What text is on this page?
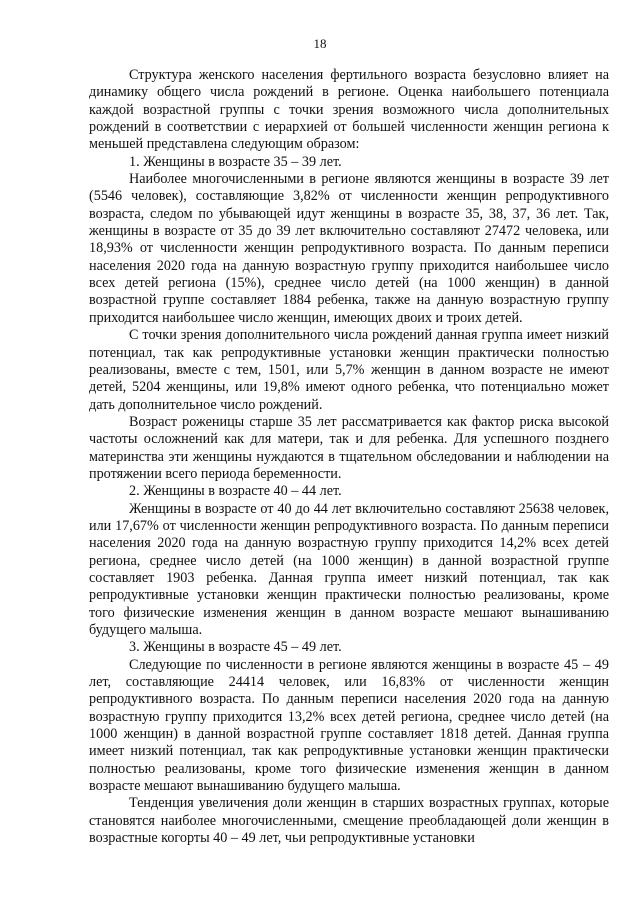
18

Структура женского населения фертильного возраста безусловно влияет на динамику общего числа рождений в регионе. Оценка наибольшего потенциала каждой возрастной группы с точки зрения возможного числа дополнительных рождений в соответствии с иерархией от большей численности женщин региона к меньшей представлена следующим образом:

1. Женщины в возрасте 35 – 39 лет.

Наиболее многочисленными в регионе являются женщины в возрасте 39 лет (5546 человек), составляющие 3,82% от численности женщин репродуктивного возраста, следом по убывающей идут женщины в возрасте 35, 38, 37, 36 лет. Так, женщины в возрасте от 35 до 39 лет включительно составляют 27472 человека, или 18,93% от численности женщин репродуктивного возраста. По данным переписи населения 2020 года на данную возрастную группу приходится наибольшее число всех детей региона (15%), среднее число детей (на 1000 женщин) в данной возрастной группе составляет 1884 ребенка, также на данную возрастную группу приходится наибольшее число женщин, имеющих двоих и троих детей.

С точки зрения дополнительного числа рождений данная группа имеет низкий потенциал, так как репродуктивные установки женщин практически полностью реализованы, вместе с тем, 1501, или 5,7% женщин в данном возрасте не имеют детей, 5204 женщины, или 19,8% имеют одного ребенка, что потенциально может дать дополнительное число рождений.

Возраст роженицы старше 35 лет рассматривается как фактор риска высокой частоты осложнений как для матери, так и для ребенка. Для успешного позднего материнства эти женщины нуждаются в тщательном обследовании и наблюдении на протяжении всего периода беременности.

2. Женщины в возрасте 40 – 44 лет.

Женщины в возрасте от 40 до 44 лет включительно составляют 25638 человек, или 17,67% от численности женщин репродуктивного возраста. По данным переписи населения 2020 года на данную возрастную группу приходится 14,2% всех детей региона, среднее число детей (на 1000 женщин) в данной возрастной группе составляет 1903 ребенка. Данная группа имеет низкий потенциал, так как репродуктивные установки женщин практически полностью реализованы, кроме того физические изменения женщин в данном возрасте мешают вынашиванию будущего малыша.

3. Женщины в возрасте 45 – 49 лет.

Следующие по численности в регионе являются женщины в возрасте 45 – 49 лет, составляющие 24414 человек, или 16,83% от численности женщин репродуктивного возраста. По данным переписи населения 2020 года на данную возрастную группу приходится 13,2% всех детей региона, среднее число детей (на 1000 женщин) в данной возрастной группе составляет 1818 детей. Данная группа имеет низкий потенциал, так как репродуктивные установки женщин практически полностью реализованы, кроме того физические изменения женщин в данном возрасте мешают вынашиванию будущего малыша.

Тенденция увеличения доли женщин в старших возрастных группах, которые становятся наиболее многочисленными, смещение преобладающей доли женщин в возрастные когорты 40 – 49 лет, чьи репродуктивные установки
